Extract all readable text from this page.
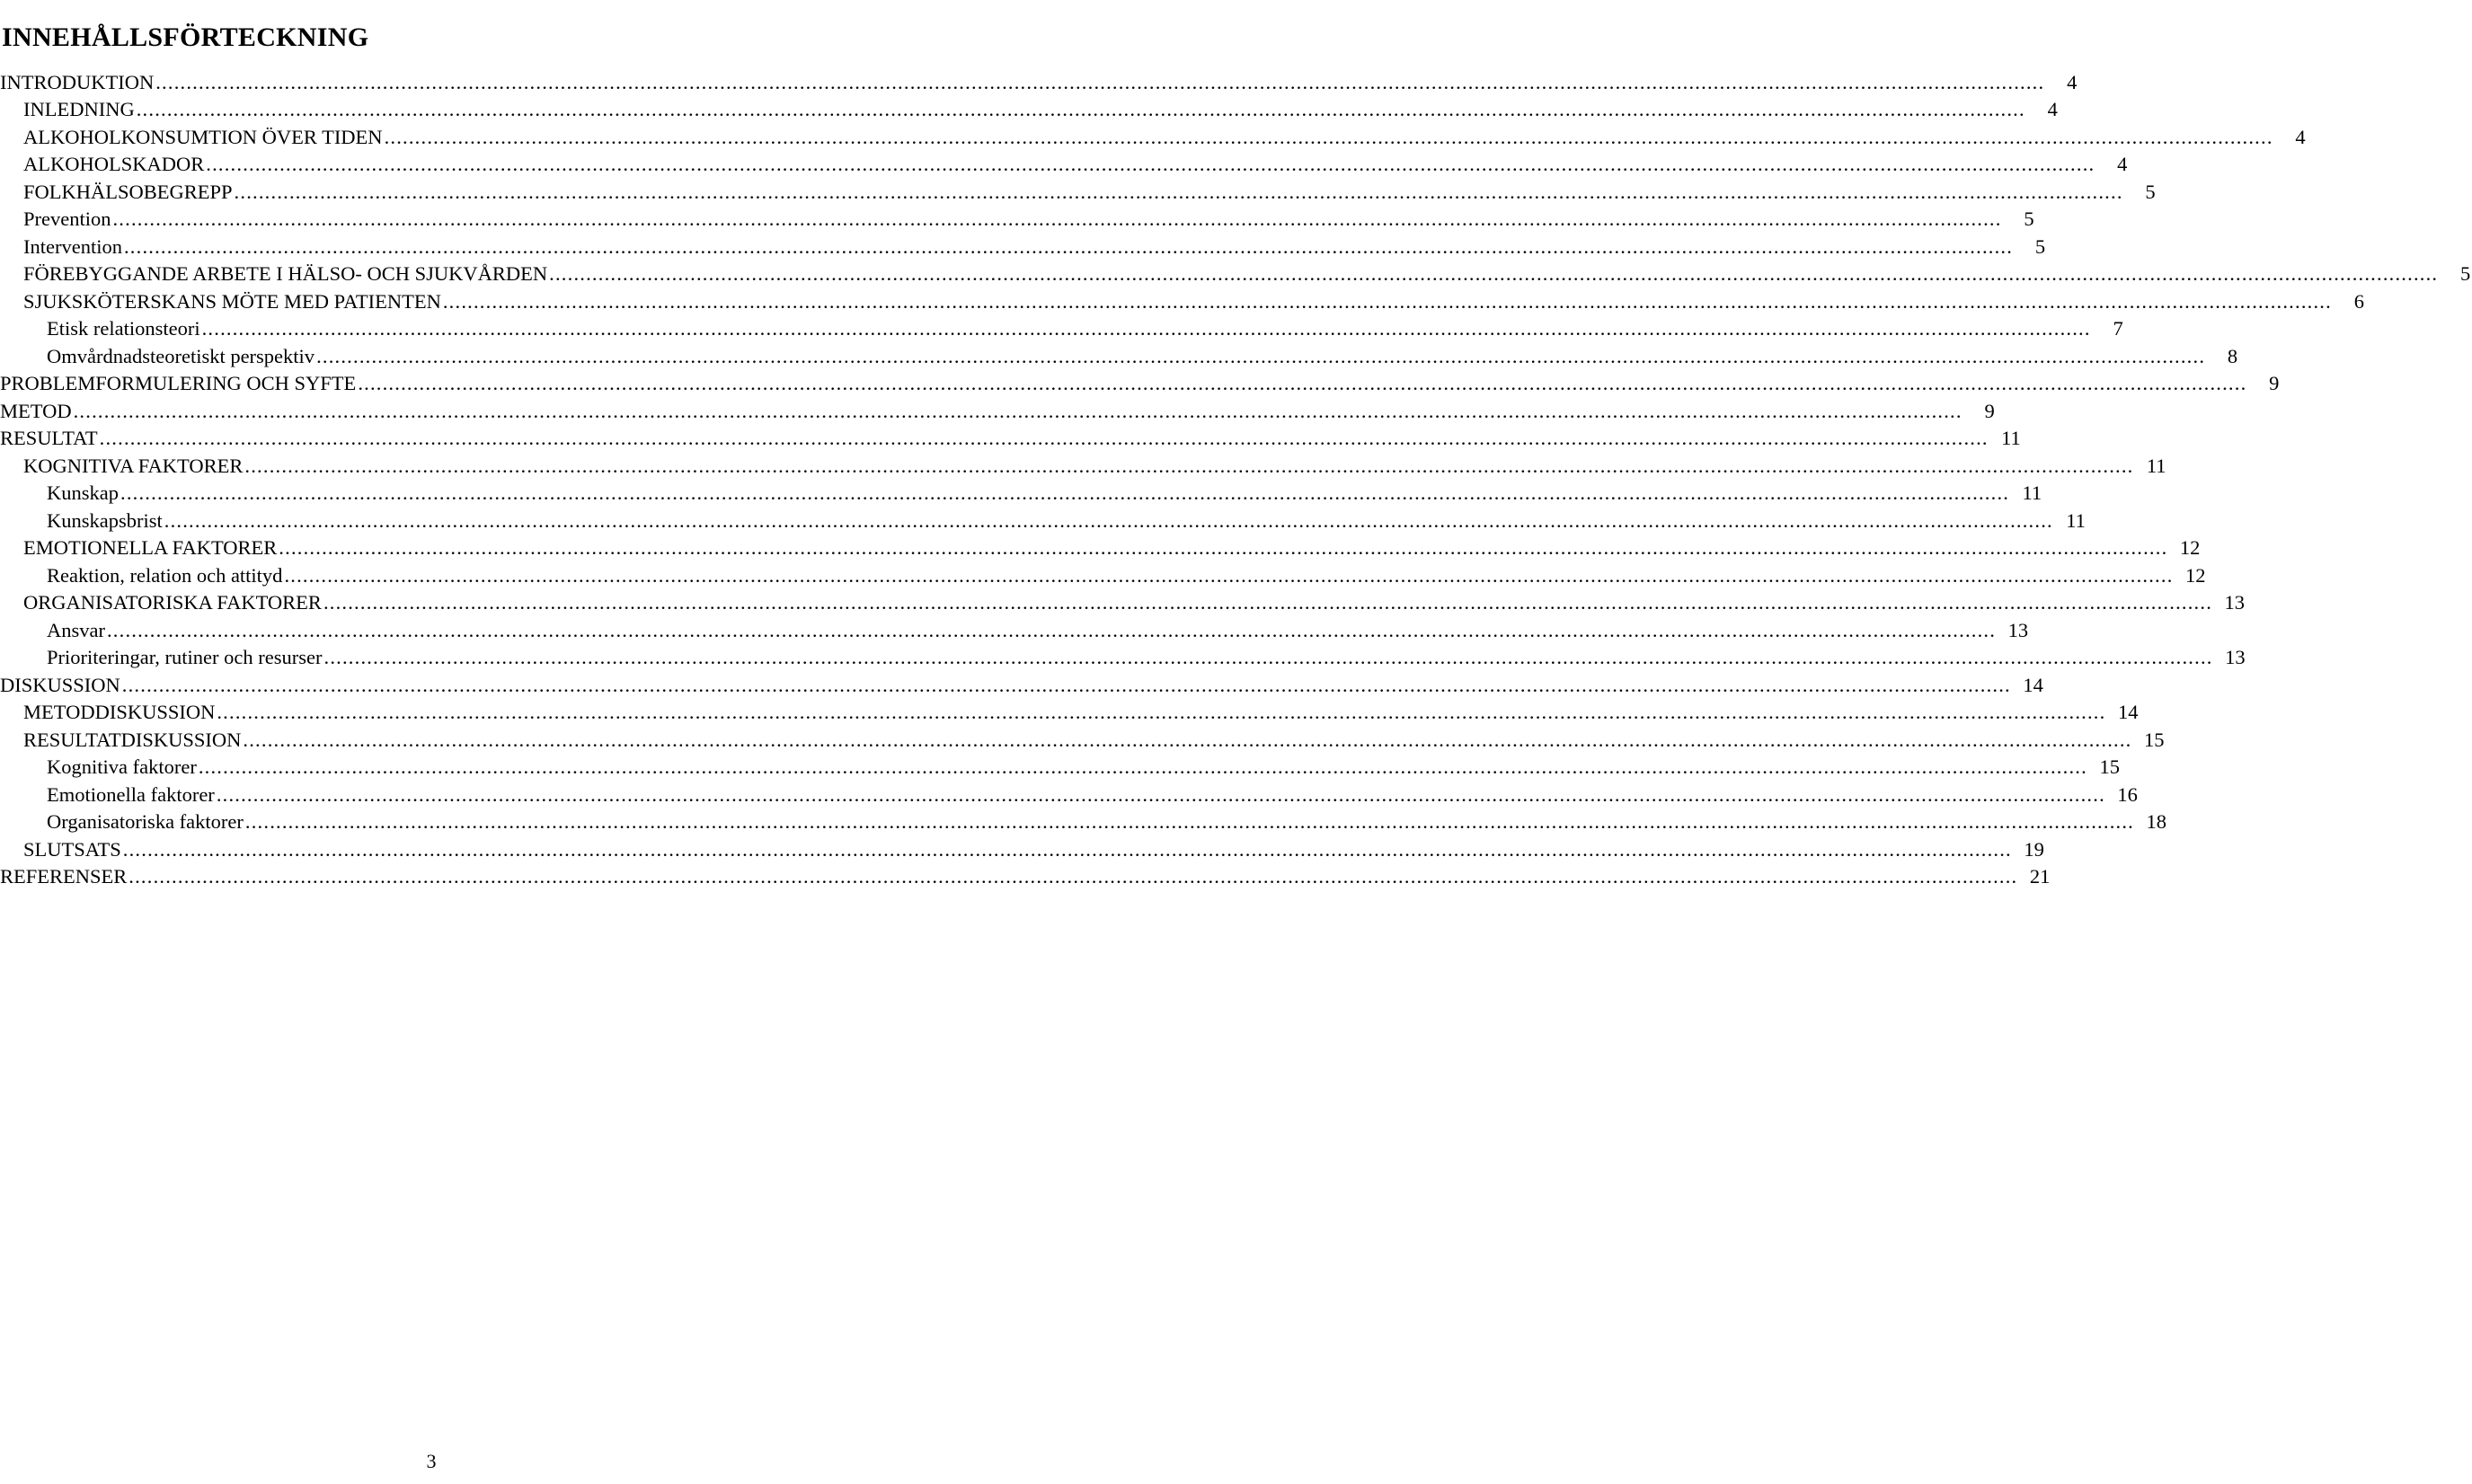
INNEHÅLLSFÖRTECKNING
INTRODUKTION ....................................................................................................................................................................................................................................................................................................................	4
INLEDNING ....................................................................................................................................................................................................................................................................................................................	4
ALKOHOLKONSUMTION ÖVER TIDEN ....................................................................................................................................................................................................................................................................................................................	4
ALKOHOLSKADOR ....................................................................................................................................................................................................................................................................................................................	4
FOLKHÄLSOBEGREPP ....................................................................................................................................................................................................................................................................................................................	5
Prevention ....................................................................................................................................................................................................................................................................................................................	5
Intervention ....................................................................................................................................................................................................................................................................................................................	5
FÖREBYGGANDE ARBETE I HÄLSO- OCH SJUKVÅRDEN ....................................................................................................................................................................................................................................................................................................................	5
SJUKSKÖTERSKANS MÖTE MED PATIENTEN ....................................................................................................................................................................................................................................................................................................................	6
Etisk relationsteori ....................................................................................................................................................................................................................................................................................................................	7
Omvårdnadsteoretiskt perspektiv ....................................................................................................................................................................................................................................................................................................................	8
PROBLEMFORMULERING OCH SYFTE ....................................................................................................................................................................................................................................................................................................................	9
METOD ....................................................................................................................................................................................................................................................................................................................	9
RESULTAT .................................................................................................................................................................................................................................................................................................................... 11
KOGNITIVA FAKTORER .................................................................................................................................................................................................................................................................................................................... 11
Kunskap .................................................................................................................................................................................................................................................................................................................... 11
Kunskapsbrist .................................................................................................................................................................................................................................................................................................................... 11
EMOTIONELLA FAKTORER .................................................................................................................................................................................................................................................................................................................... 12
Reaktion, relation och attityd .................................................................................................................................................................................................................................................................................................................... 12
ORGANISATORISKA FAKTORER .................................................................................................................................................................................................................................................................................................................... 13
Ansvar .................................................................................................................................................................................................................................................................................................................... 13
Prioriteringar, rutiner och resurser .................................................................................................................................................................................................................................................................................................................... 13
DISKUSSION .................................................................................................................................................................................................................................................................................................................... 14
METODDISKUSSION .................................................................................................................................................................................................................................................................................................................... 14
RESULTATDISKUSSION .................................................................................................................................................................................................................................................................................................................... 15
Kognitiva faktorer .................................................................................................................................................................................................................................................................................................................... 15
Emotionella faktorer .................................................................................................................................................................................................................................................................................................................... 16
Organisatoriska faktorer .................................................................................................................................................................................................................................................................................................................... 18
SLUTSATS .................................................................................................................................................................................................................................................................................................................... 19
REFERENSER .................................................................................................................................................................................................................................................................................................................... 21
3
